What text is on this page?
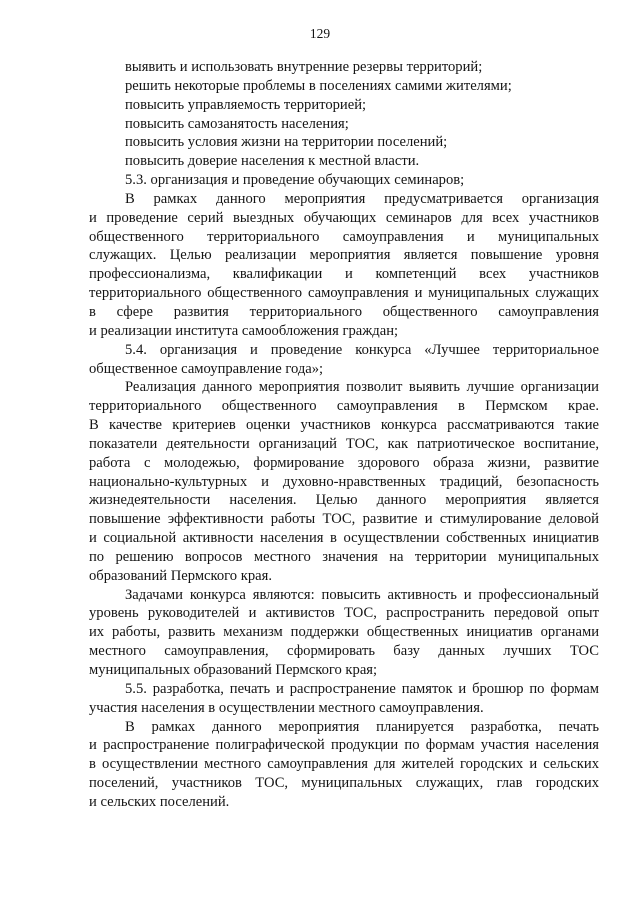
129
выявить и использовать внутренние резервы территорий;
решить некоторые проблемы в поселениях самими жителями;
повысить управляемость территорией;
повысить самозанятость населения;
повысить условия жизни на территории поселений;
повысить доверие населения к местной власти.
5.3. организация и проведение обучающих семинаров;
В рамках данного мероприятия предусматривается организация
и проведение серий выездных обучающих семинаров для всех участников
общественного территориального самоуправления и муниципальных
служащих. Целью реализации мероприятия является повышение уровня
профессионализма, квалификации и компетенций всех участников
территориального общественного самоуправления и муниципальных служащих
в сфере развития территориального общественного самоуправления
и реализации института самообложения граждан;
5.4. организация и проведение конкурса «Лучшее территориальное
общественное самоуправление года»;
Реализация данного мероприятия позволит выявить лучшие организации
территориального общественного самоуправления в Пермском крае.
В качестве критериев оценки участников конкурса рассматриваются такие
показатели деятельности организаций ТОС, как патриотическое воспитание,
работа с молодежью, формирование здорового образа жизни, развитие
национально-культурных и духовно-нравственных традиций, безопасность
жизнедеятельности населения. Целью данного мероприятия является
повышение эффективности работы ТОС, развитие и стимулирование деловой
и социальной активности населения в осуществлении собственных инициатив
по решению вопросов местного значения на территории муниципальных
образований Пермского края.
Задачами конкурса являются: повысить активность и профессиональный
уровень руководителей и активистов ТОС, распространить передовой опыт
их работы, развить механизм поддержки общественных инициатив органами
местного самоуправления, сформировать базу данных лучших ТОС
муниципальных образований Пермского края;
5.5. разработка, печать и распространение памяток и брошюр по формам
участия населения в осуществлении местного самоуправления.
В рамках данного мероприятия планируется разработка, печать
и распространение полиграфической продукции по формам участия населения
в осуществлении местного самоуправления для жителей городских и сельских
поселений, участников ТОС, муниципальных служащих, глав городских
и сельских поселений.
